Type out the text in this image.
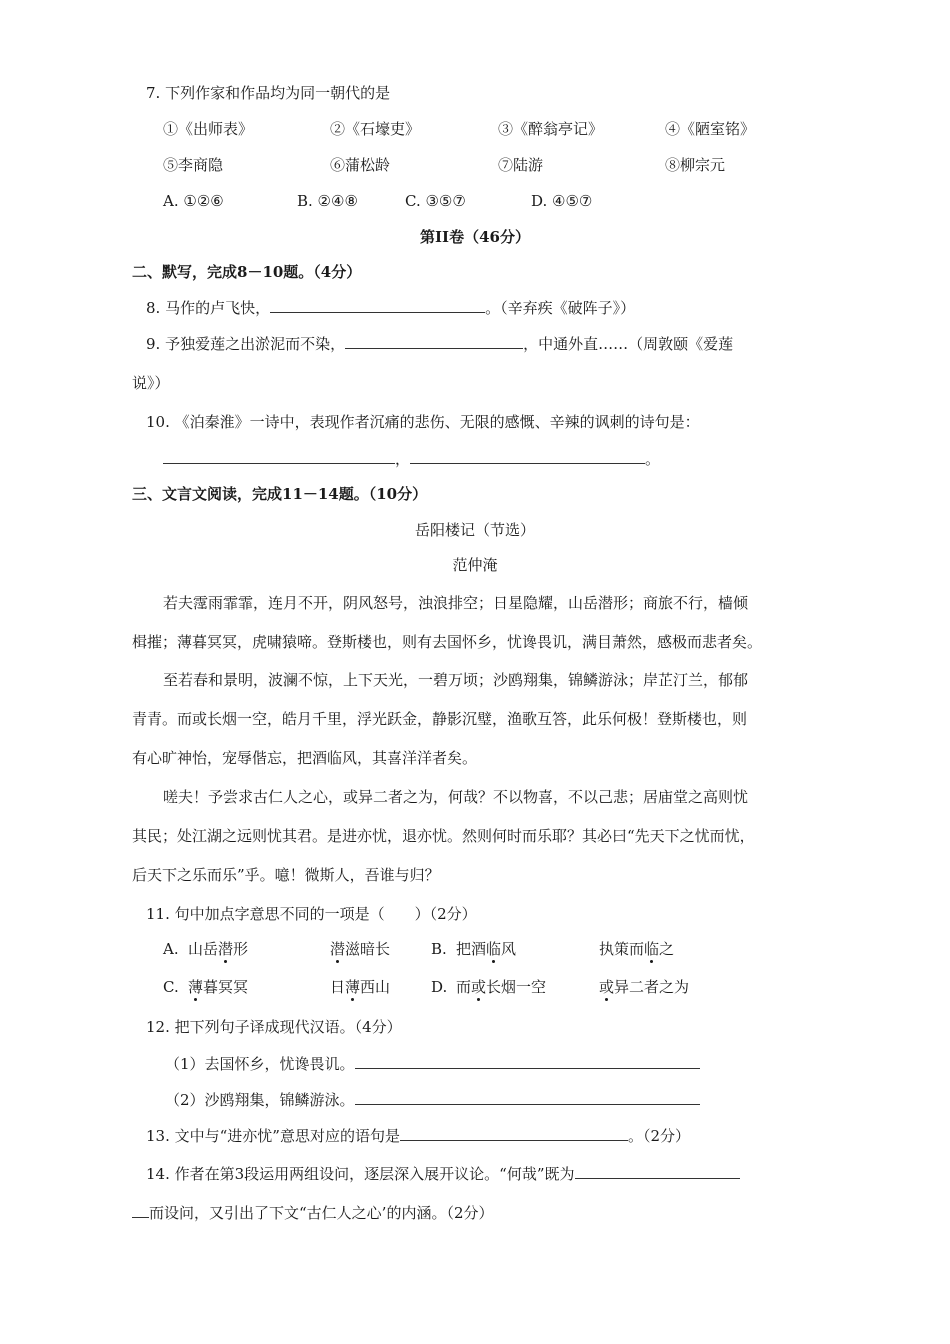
7. 下列作家和作品均为同一朝代的是
①《出师表》	②《石壕吏》	③《醉翁亭记》	④《陋室铭》
⑤李商隐	⑥蒲松龄	⑦陆游	⑧柳宗元
A. ①②⑥	B. ②④⑧	C. ③⑤⑦	D. ④⑤⑦
第II卷（46分）
二、默写，完成8－10题。（4分）
8. 马作的卢飞快，	。（辛弃疾《破阵子》）
9. 予独爱莲之出淤泥而不染，	，中通外直……（周敦颐《爱莲
说》）
10. 《泊秦淮》一诗中，表现作者沉痛的悲伤、无限的感慨、辛辣的讽刺的诗句是：
，	。
三、文言文阅读，完成11－14题。（10分）
岳阳楼记（节选）
范仲淹
若夫霪雨霏霏，连月不开，阴风怒号，浊浪排空；日星隐耀，山岳潜形；商旅不行，樯倾
楫摧；薄暮冥冥，虎啸猿啼。登斯楼也，则有去国怀乡，忧谗畏讥，满目萧然，感极而悲者矣。
至若春和景明，波澜不惊，上下天光，一碧万顷；沙鸥翔集，锦鳞游泳；岸芷汀兰，郁郁
青青。而或长烟一空，皓月千里，浮光跃金，静影沉璧，渔歌互答，此乐何极！登斯楼也，则
有心旷神怡，宠辱偕忘，把酒临风，其喜洋洋者矣。
嗟夫！予尝求古仁人之心，或异二者之为，何哉？不以物喜，不以己悲；居庙堂之高则忧
其民；处江湖之远则忧其君。是进亦忧，退亦忧。然则何时而乐耶？其必曰“先天下之忧而忧，
后天下之乐而乐”乎。噫！微斯人，吾谁与归？
11. 句中加点字意思不同的一项是（　　）（2分）
A. 山岳潜形	潜滋暗长	B. 把酒临风	执策而临之
C. 薄暮冥冥	日薄西山	D. 而或长烟一空	或异二者之为
12. 把下列句子译成现代汉语。（4分）
（1）去国怀乡，忧谗畏讥。
（2）沙鸥翔集，锦鳞游泳。
13. 文中与“进亦忧”意思对应的语句是	。（2分）
14. 作者在第3段运用两组设问，逐层深入展开议论。“何哉”既为
而设问，又引出了下文“古仁人之心’的内涵。（2分）
